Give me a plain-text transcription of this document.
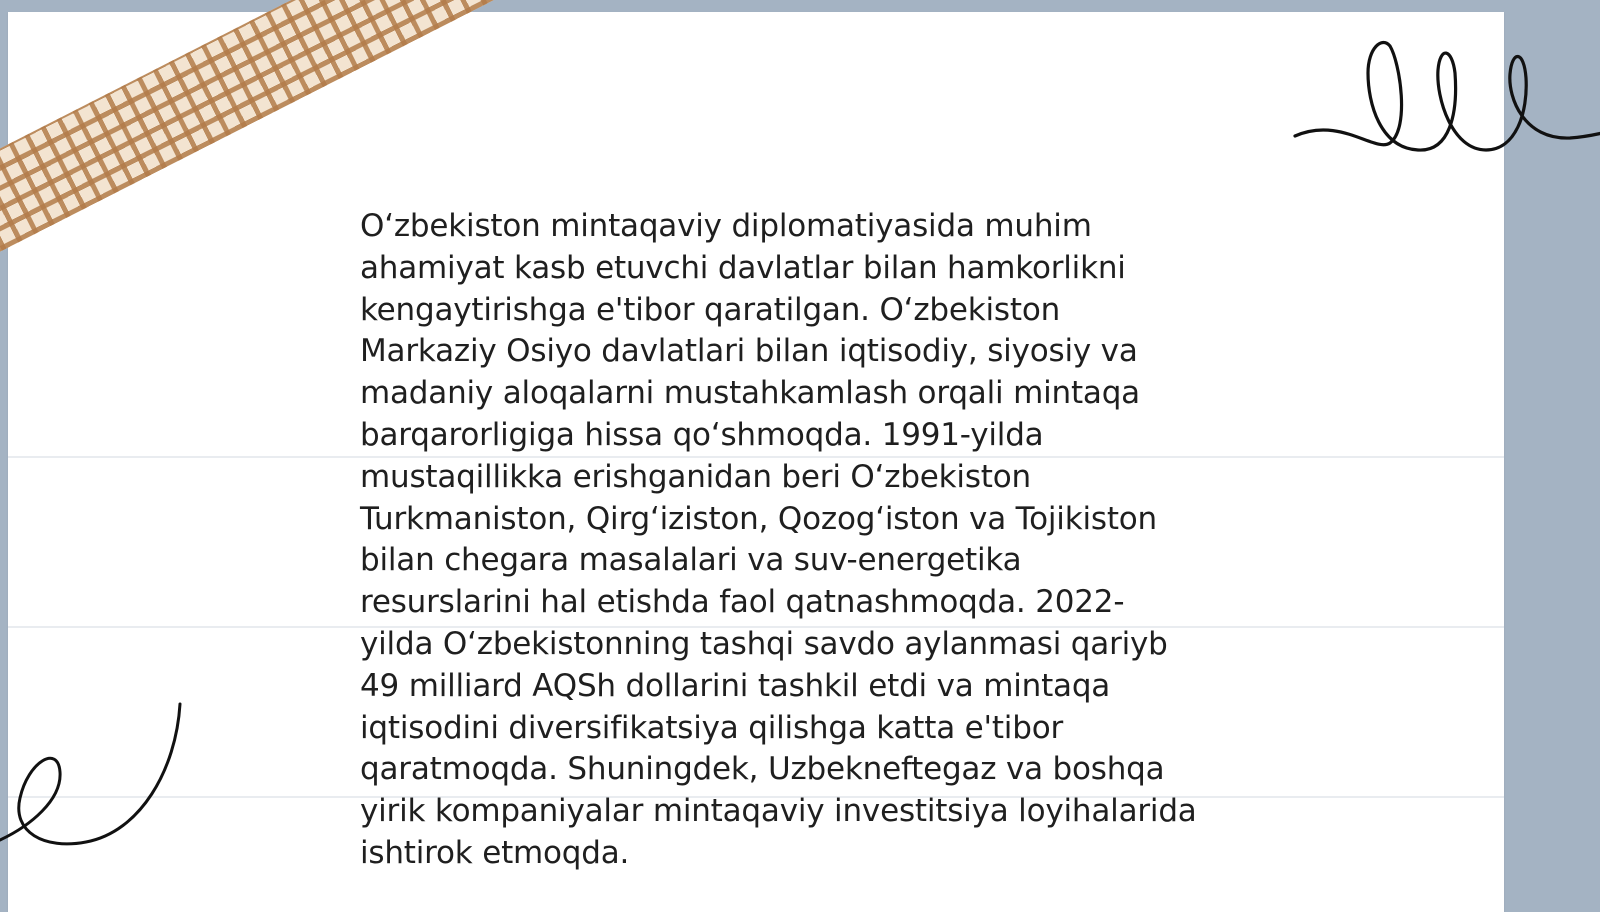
O‘zbekiston mintaqaviy diplomatiyasida muhim
ahamiyat kasb etuvchi davlatlar bilan hamkorlikni
kengaytirishga e'tibor qaratilgan. O‘zbekiston
Markaziy Osiyo davlatlari bilan iqtisodiy, siyosiy va
madaniy aloqalarni mustahkamlash orqali mintaqa
barqarorligiga hissa qo‘shmoqda. 1991-yilda
mustaqillikka erishganidan beri O‘zbekiston
Turkmaniston, Qirg‘iziston, Qozog‘iston va Tojikiston
bilan chegara masalalari va suv-energetika
resurslarini hal etishda faol qatnashmoqda. 2022-
yilda O‘zbekistonning tashqi savdo aylanmasi qariyb
49 milliard AQSh dollarini tashkil etdi va mintaqa
iqtisodini diversifikatsiya qilishga katta e'tibor
qaratmoqda. Shuningdek, Uzbekneftegaz va boshqa
yirik kompaniyalar mintaqaviy investitsiya loyihalarida
ishtirok etmoqda.
